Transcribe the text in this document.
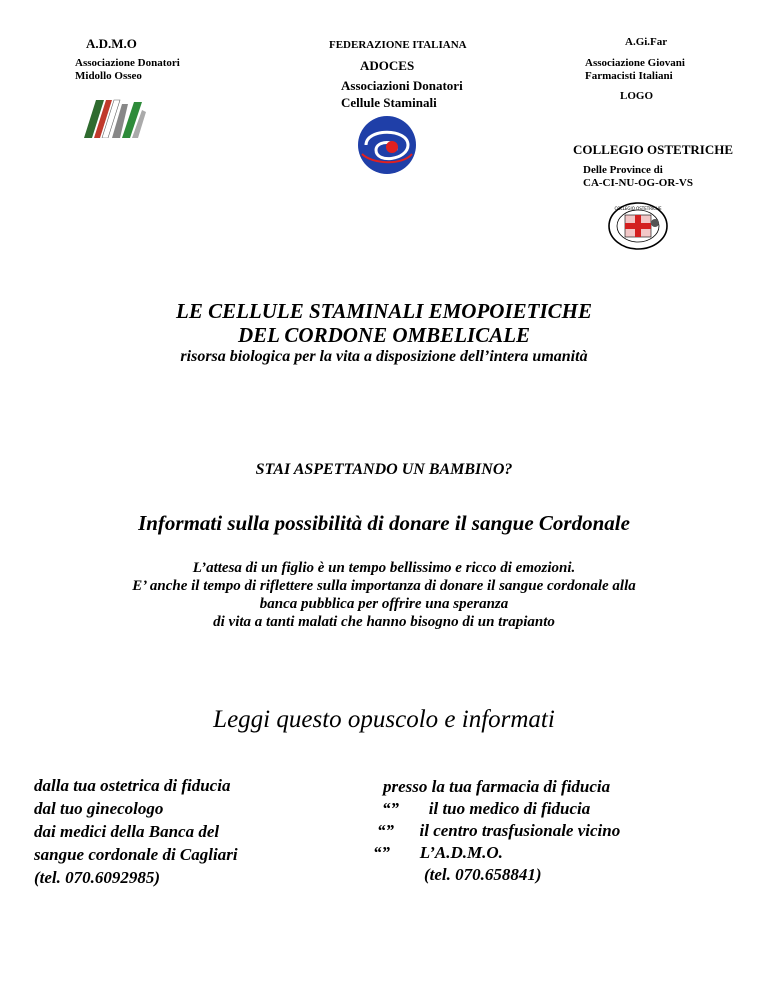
A.D.M.O
Associazione Donatori
Midollo Osseo
FEDERAZIONE ITALIANA
ADOCES
Associazioni Donatori
Cellule Staminali
A.Gi.Far
Associazione Giovani
Farmacisti Italiani
LOGO
COLLEGIO OSTETRICHE
Delle Province di
CA-CI-NU-OG-OR-VS
COLLEGIO OSTETRICHE
LE CELLULE STAMINALI EMOPOIETICHE
DEL CORDONE OMBELICALE
risorsa biologica per la vita a disposizione dell’intera umanità
STAI ASPETTANDO UN BAMBINO?
Informati sulla possibilità di donare il sangue Cordonale
L’attesa di un figlio è un tempo bellissimo e ricco di emozioni.
E’ anche il tempo di riflettere sulla importanza di donare il sangue cordonale alla
banca pubblica per offrire una speranza
di vita a tanti malati che hanno bisogno di un trapianto
Leggi questo opuscolo e informati
dalla tua ostetrica di fiducia
dal tuo ginecologo
dai medici della Banca del
sangue cordonale di Cagliari
(tel. 070.6092985)
presso la tua farmacia di fiducia
“”       il tuo medico di fiducia
“”      il centro trasfusionale vicino
“”       L’A.D.M.O.
(tel. 070.658841)
